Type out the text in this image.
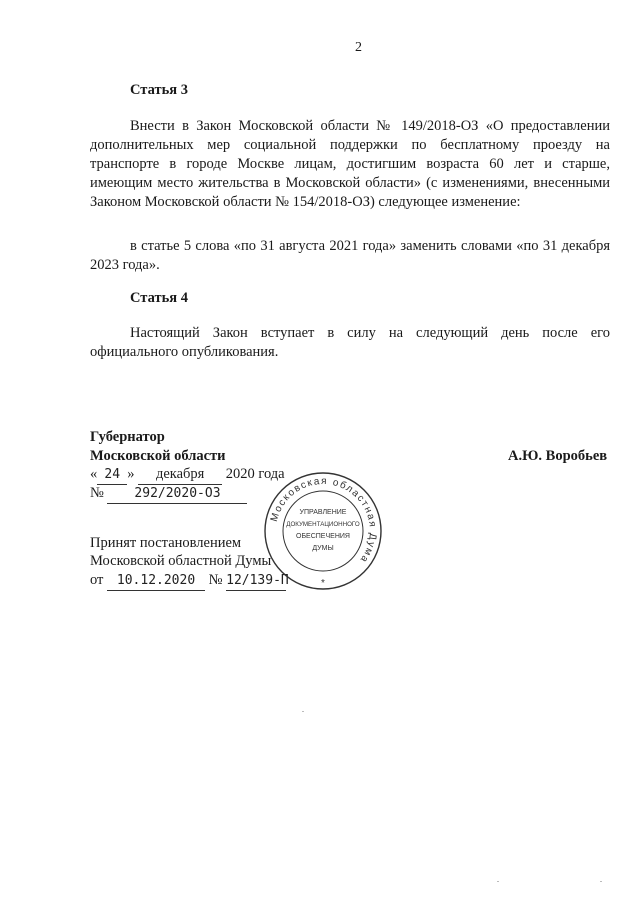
2
Статья 3

Внести в Закон Московской области № 149/2018-ОЗ «О предоставлении дополнительных мер социальной поддержки по бесплатному проезду на транспорте в городе Москве лицам, достигшим возраста 60 лет и старше, имеющим место жительства в Московской области» (с изменениями, внесенными Законом Московской области № 154/2018-ОЗ) следующее изменение:

в статье 5 слова «по 31 августа 2021 года» заменить словами «по 31 декабря 2023 года».

Статья 4

Настоящий Закон вступает в силу на следующий день после его официального опубликования.

Губернатор
Московской области	А.Ю. Воробьев
« 24 » декабря 2020 года
№ 292/2020-ОЗ
Принят постановлением
Московской областной Думы
от 10.12.2020 № 12/139-П
Московская областная Дума
УПРАВЛЕНИЕ
ДОКУМЕНТАЦИОННОГО
ОБЕСПЕЧЕНИЯ
ДУМЫ
*
